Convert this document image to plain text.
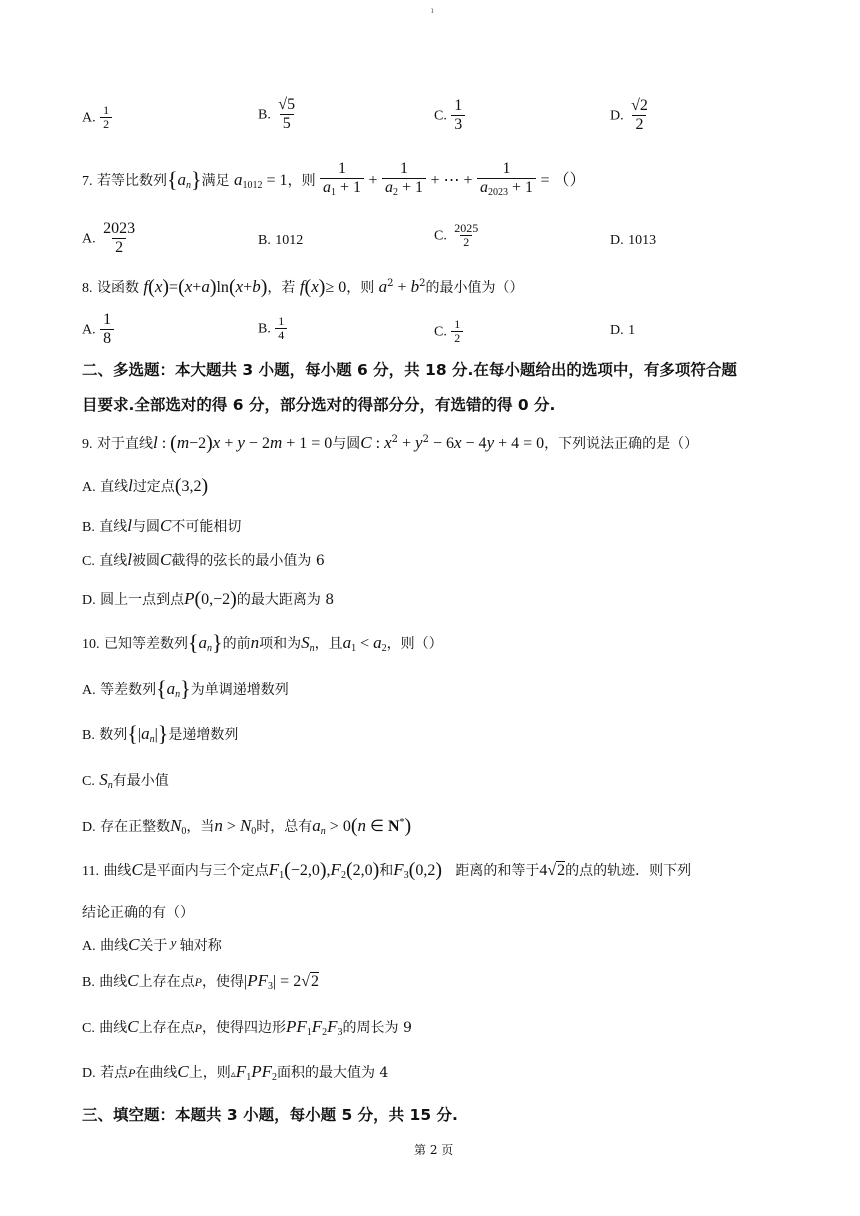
ı
A. $\frac{1}{2}$	B. $\frac{√5}{5}$	C. $\frac{1}{3}$	D. $\frac{√2}{2}$
7. 若等比数列$\{a_n\}$满足 $a_{1012} = 1$，则 $\frac{1}{a_1 + 1} + \frac{1}{a_2 + 1}$ + ⋯ + $\frac{1}{a_{2023} + 1}$ = （）
A. $\frac{2023}{2}$	B. 1012	C. $\frac{2025}{2}$	D. 1013
8. 设函数 f(x)=(x+a)ln(x+b)，若 f(x)≥ 0，则 $a^2 + b^2$的最小值为（）
A. $\frac{1}{8}$	B. $\frac{1}{4}$	C. $\frac{1}{2}$	D. 1
二、多选题：本大题共 3 小题，每小题 6 分，共 18 分.在每小题给出的选项中，有多项符合题
目要求.全部选对的得 6 分，部分选对的得部分分，有选错的得 0 分.
9. 对于直线l : (m−2)x + y − 2m + 1 = 0与圆C : $x^2 + y^2 - 6x - 4y + 4 = 0$，下列说法正确的是（）
A. 直线l过定点(3,2)
B. 直线l与圆C不可能相切
C. 直线l被圆C截得的弦长的最小值为 6
D. 圆上一点到点P(0,−2)的最大距离为 8
10. 已知等差数列$\{a_n\}$的前n项和为$S_n$，且$a_1 < a_2$，则（）
A. 等差数列$\{a_n\}$为单调递增数列
B. 数列$\{|a_n|\}$是递增数列
C. $S_n$有最小值
D. 存在正整数$N_0$，当$n > N_0$时，总有$a_n > 0(n$ ∈ N*)
11. 曲线C是平面内与三个定点$F_1(-2,0),F_2(2,0)$和$F_3(0,2)$ 距离的和等于4√2的点的轨迹．则下列
结论正确的有（）
A. 曲线C关于 y 轴对称
B. 曲线C上存在点P，使得$|PF_3| = 2√2$
C. 曲线C上存在点P，使得四边形$PF_1F_2F_3$的周长为 9
D. 若点P在曲线C上，则$▵F_1PF_2$面积的最大值为 4
三、填空题：本题共 3 小题，每小题 5 分，共 15 分.
第 2 页
